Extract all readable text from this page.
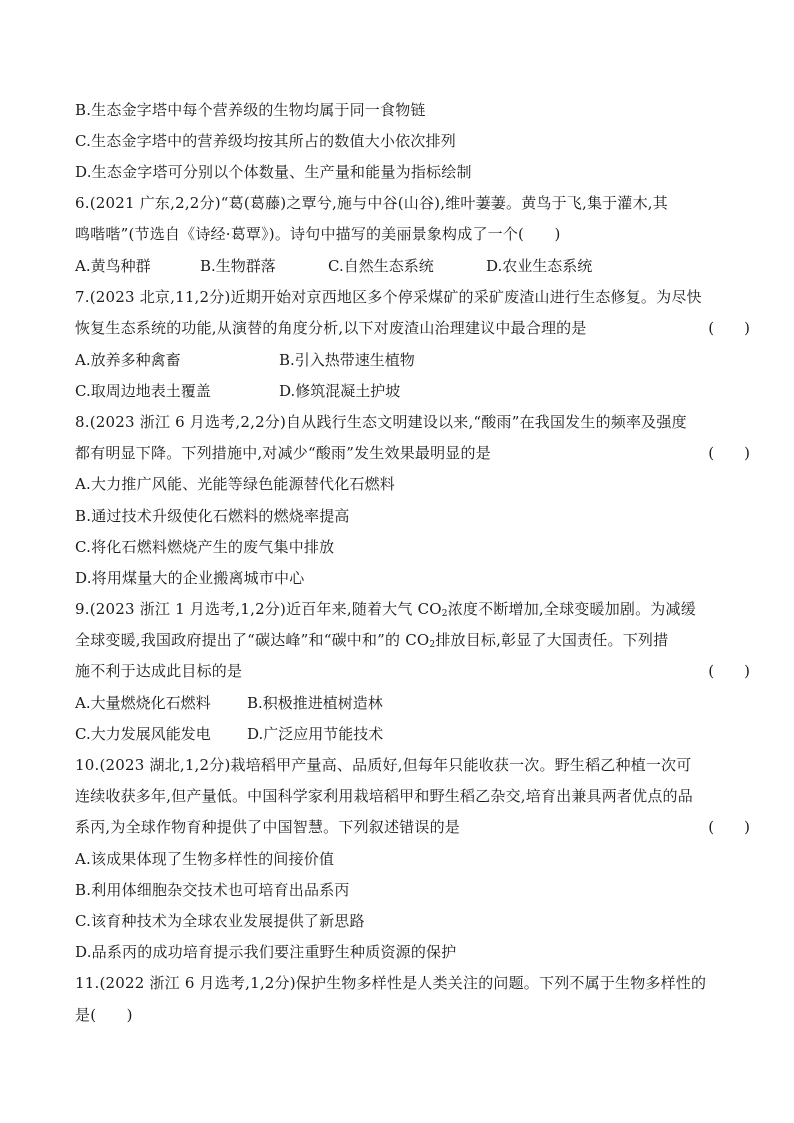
B.生态金字塔中每个营养级的生物均属于同一食物链
C.生态金字塔中的营养级均按其所占的数值大小依次排列
D.生态金字塔可分别以个体数量、生产量和能量为指标绘制
6.(2021 广东,2,2分)“葛(葛藤)之覃兮,施与中谷(山谷),维叶萋萋。黄鸟于飞,集于灌木,其
鸣喈喈”(节选自《诗经·葛覃》)。诗句中描写的美丽景象构成了一个(　　)
A.黄鸟种群	B.生物群落	C.自然生态系统	D.农业生态系统
7.(2023 北京,11,2分)近期开始对京西地区多个停采煤矿的采矿废渣山进行生态修复。为尽快
恢复生态系统的功能,从演替的角度分析,以下对废渣山治理建议中最合理的是	(　　)
A.放养多种禽畜	B.引入热带速生植物
C.取周边地表土覆盖	D.修筑混凝土护坡
8.(2023 浙江 6 月选考,2,2分)自从践行生态文明建设以来,“酸雨”在我国发生的频率及强度
都有明显下降。下列措施中,对减少“酸雨”发生效果最明显的是	(　　)
A.大力推广风能、光能等绿色能源替代化石燃料
B.通过技术升级使化石燃料的燃烧率提高
C.将化石燃料燃烧产生的废气集中排放
D.将用煤量大的企业搬离城市中心
9.(2023 浙江 1 月选考,1,2分)近百年来,随着大气 $CO_2$浓度不断增加,全球变暖加剧。为减缓
全球变暖,我国政府提出了“碳达峰”和“碳中和”的 $CO_2$排放目标,彰显了大国责任。下列措
施不利于达成此目标的是	(　　)
A.大量燃烧化石燃料 B.积极推进植树造林
C.大力发展风能发电 D.广泛应用节能技术
10.(2023 湖北,1,2分)栽培稻甲产量高、品质好,但每年只能收获一次。野生稻乙种植一次可
连续收获多年,但产量低。中国科学家利用栽培稻甲和野生稻乙杂交,培育出兼具两者优点的品
系丙,为全球作物育种提供了中国智慧。下列叙述错误的是	(　　)
A.该成果体现了生物多样性的间接价值
B.利用体细胞杂交技术也可培育出品系丙
C.该育种技术为全球农业发展提供了新思路
D.品系丙的成功培育提示我们要注重野生种质资源的保护
11.(2022 浙江 6 月选考,1,2分)保护生物多样性是人类关注的问题。下列不属于生物多样性的
是(　　)
